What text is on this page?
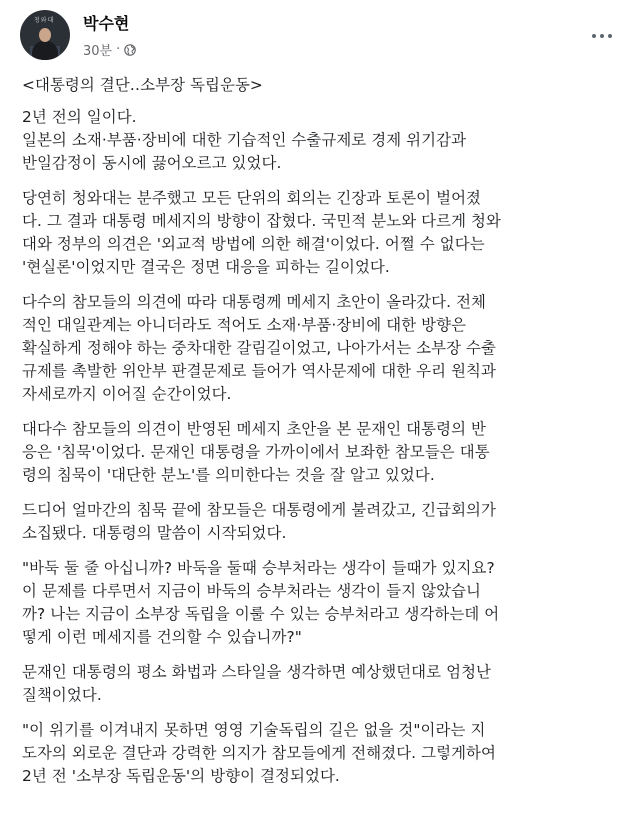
청와대 박수현
30분 ·

<대통령의 결단‥소부장 독립운동>

2년 전의 일이다.
일본의 소재·부품·장비에 대한 기습적인 수출규제로 경제 위기감과
반일감정이 동시에 끓어오르고 있었다.

당연히 청와대는 분주했고 모든 단위의 회의는 긴장과 토론이 벌어졌
다. 그 결과 대통령 메세지의 방향이 잡혔다. 국민적 분노와 다르게 청와
대와 정부의 의견은 '외교적 방법에 의한 해결'이었다. 어쩔 수 없다는
'현실론'이었지만 결국은 정면 대응을 피하는 길이었다.

다수의 참모들의 의견에 따라 대통령께 메세지 초안이 올라갔다. 전체
적인 대일관계는 아니더라도 적어도 소재·부품·장비에 대한 방향은
확실하게 정해야 하는 중차대한 갈림길이었고, 나아가서는 소부장 수출
규제를 촉발한 위안부 판결문제로 들어가 역사문제에 대한 우리 원칙과
자세로까지 이어질 순간이었다.

대다수 참모들의 의견이 반영된 메세지 초안을 본 문재인 대통령의 반
응은 '침묵'이었다. 문재인 대통령을 가까이에서 보좌한 참모들은 대통
령의 침묵이 '대단한 분노'를 의미한다는 것을 잘 알고 있었다.

드디어 얼마간의 침묵 끝에 참모들은 대통령에게 불려갔고, 긴급회의가
소집됐다. 대통령의 말씀이 시작되었다.

"바둑 둘 줄 아십니까? 바둑을 둘때 승부처라는 생각이 들때가 있지요?
이 문제를 다루면서 지금이 바둑의 승부처라는 생각이 들지 않았습니
까? 나는 지금이 소부장 독립을 이룰 수 있는 승부처라고 생각하는데 어
떻게 이런 메세지를 건의할 수 있습니까?"

문재인 대통령의 평소 화법과 스타일을 생각하면 예상했던대로 엄청난
질책이었다.

"이 위기를 이겨내지 못하면 영영 기술독립의 길은 없을 것"이라는 지
도자의 외로운 결단과 강력한 의지가 참모들에게 전해졌다. 그렇게하여
2년 전 '소부장 독립운동'의 방향이 결정되었다.
